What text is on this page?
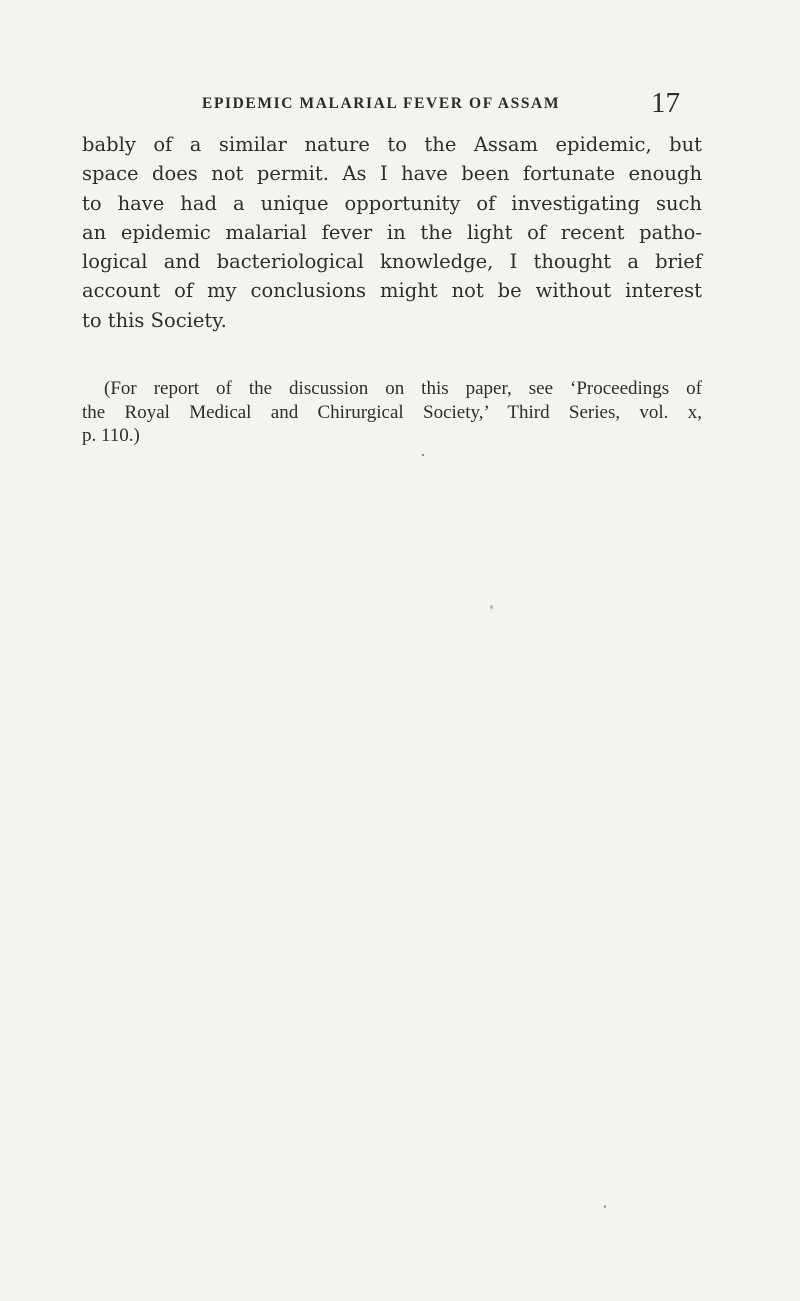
EPIDEMIC MALARIAL FEVER OF ASSAM	17
bably of a similar nature to the Assam epidemic, but
space does not permit. As I have been fortunate enough
to have had a unique opportunity of investigating such
an epidemic malarial fever in the light of recent patho-
logical and bacteriological knowledge, I thought a brief
account of my conclusions might not be without interest
to this Society.
(For report of the discussion on this paper, see ‘Proceedings of
the Royal Medical and Chirurgical Society,’ Third Series, vol. x,
p. 110.)
